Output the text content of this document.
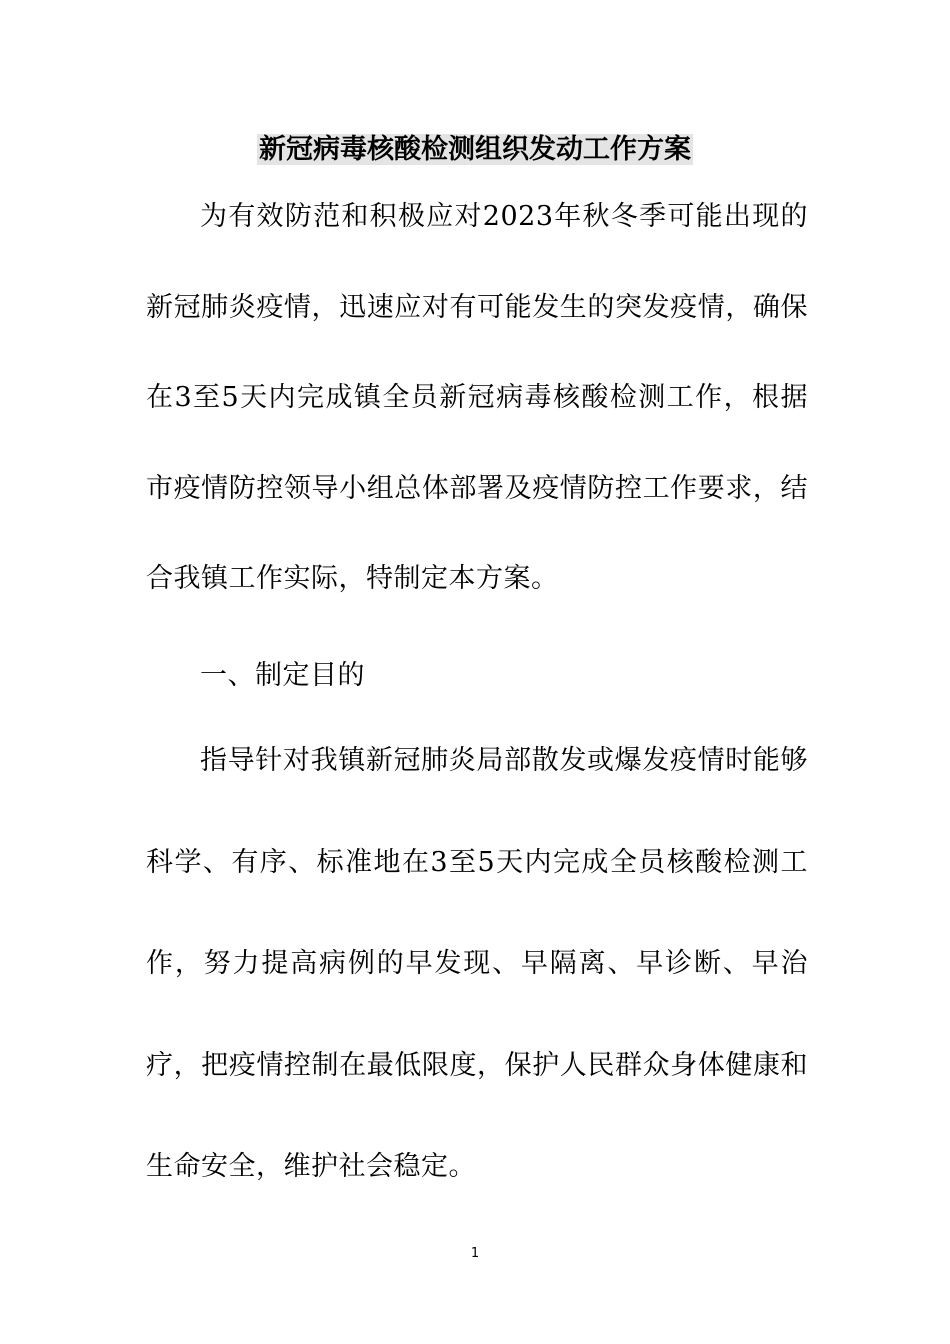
新冠病毒核酸检测组织发动工作方案

为有效防范和积极应对2023年秋冬季可能出现的新冠肺炎疫情，迅速应对有可能发生的突发疫情，确保在3至5天内完成镇全员新冠病毒核酸检测工作，根据市疫情防控领导小组总体部署及疫情防控工作要求，结合我镇工作实际，特制定本方案。

一、制定目的

指导针对我镇新冠肺炎局部散发或爆发疫情时能够科学、有序、标准地在3至5天内完成全员核酸检测工作，努力提高病例的早发现、早隔离、早诊断、早治疗，把疫情控制在最低限度，保护人民群众身体健康和生命安全，维护社会稳定。

1
